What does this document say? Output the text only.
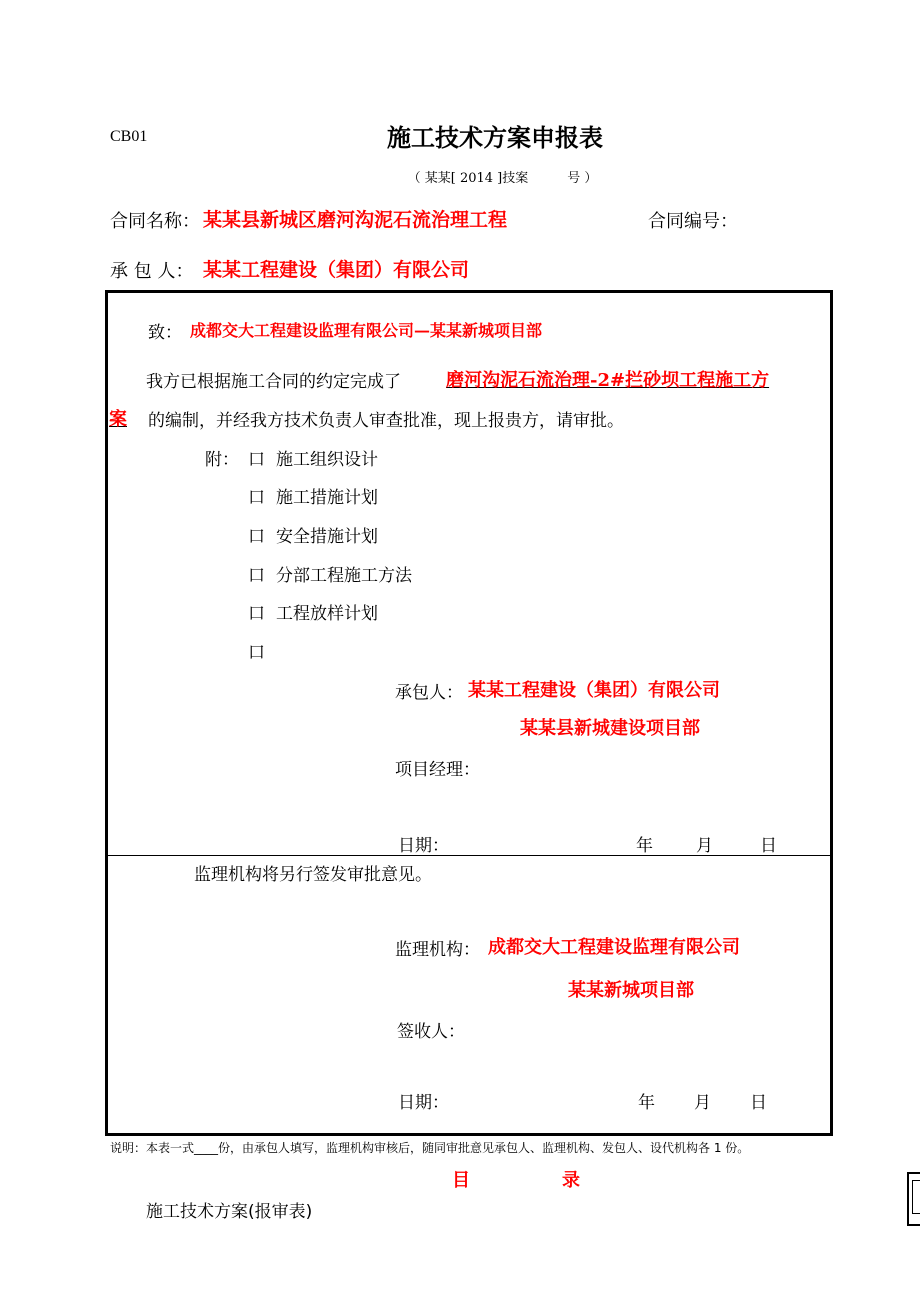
CB01	施工技术方案申报表
（ 某某[ 2014 ]技案　　　号 ）
合同名称： 某某县新城区磨河沟泥石流治理工程	合同编号：
承 包 人： 某某工程建设（集团）有限公司
致： 成都交大工程建设监理有限公司—某某新城项目部
我方已根据施工合同的约定完成了	磨河沟泥石流治理-2#拦砂坝工程施工方
案	的编制，并经我方技术负责人审查批准，现上报贵方，请审批。
附： 口 施工组织设计
口 施工措施计划
口 安全措施计划
口 分部工程施工方法
口 工程放样计划
口
承包人： 某某工程建设（集团）有限公司
某某县新城建设项目部
项目经理：
日期：	年	月	日
监理机构将另行签发审批意见。
监理机构： 成都交大工程建设监理有限公司
某某新城项目部
签收人：
日期：	年 月 日
说明：本表一式____份，由承包人填写，监理机构审核后，随同审批意见承包人、监理机构、发包人、设代机构各 1 份。
目	录
施工技术方案(报审表)
